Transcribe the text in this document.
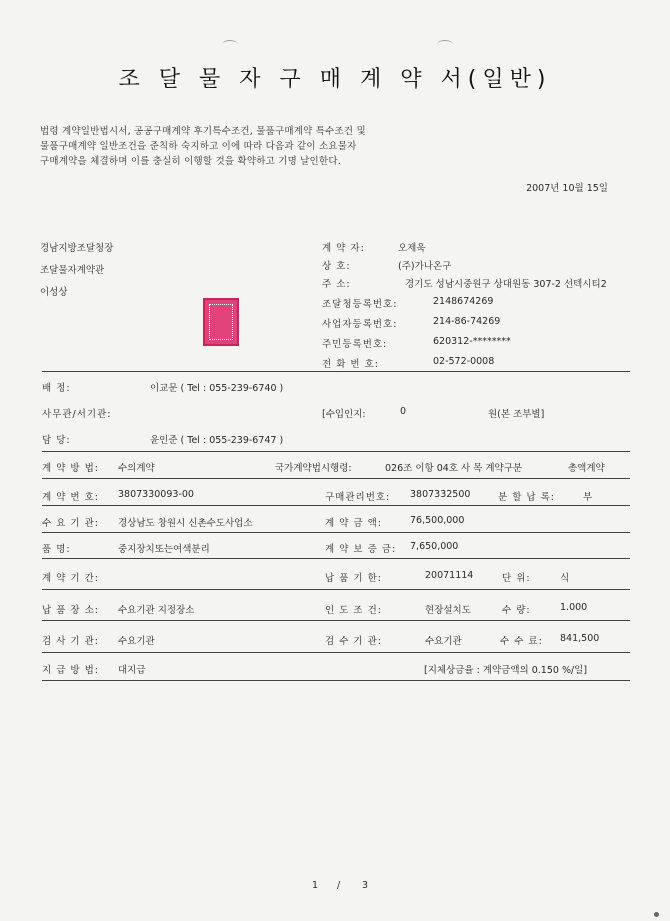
조 달 물 자 구 매 계 약 서(일반)
법령 계약일반법시서, 공공구매계약 후기특수조건, 물품구매계약 특수조건 및
물품구매계약 일반조건을 준칙하 숙지하고 이에 따라 다음과 같이 소요물자
구매계약을 체결하며 이를 충실히 이행할 것을 확약하고 기명 날인한다.
2007년 10월 15일
경남지방조달청장
조달물자계약관
이성상
계 약 자:	오제욱
상 호:	(주)가나온구
주 소:	경기도 성남시중원구 상대원동 307-2 선텍시티2
조달청등록번호:	2148674269
사업자등록번호:	214-86-74269
주민등록번호:	620312-********
전 화 번 호:	02-572-0008
배 정:	이교문 ( Tel : 055-239-6740 )
사무관/서기관:	[수입인지:	0	원(본 조부별]
담 당:	윤인준 ( Tel : 055-239-6747 )
계 약 방 법: 수의계약	국가계약법시행령:	026조 이항 04호 사 목 계약구분	총액계약
계 약 번 호: 3807330093-00	구매관리번호: 3807332500	분 할 납 록:	부
수 요 기 관: 경상남도 창원시 신촌수도사업소	계 약 금 액:	76,500,000
품 명:	중지장치또는여색분리	계 약 보 증 금: 7,650,000
계 약 기 간:	납 품 기 한:	20071114	단 위:	식
납 품 장 소: 수요기관 지정장소	인 도 조 건:	현장설치도	수 량:	1.000
검 사 기 관: 수요기관	검 수 기 관:	수요기관	수 수 료: 841,500
지 급 방 법: 대지급	[지체상금율 : 계약금액의 0.150 %/일]
1 / 3
